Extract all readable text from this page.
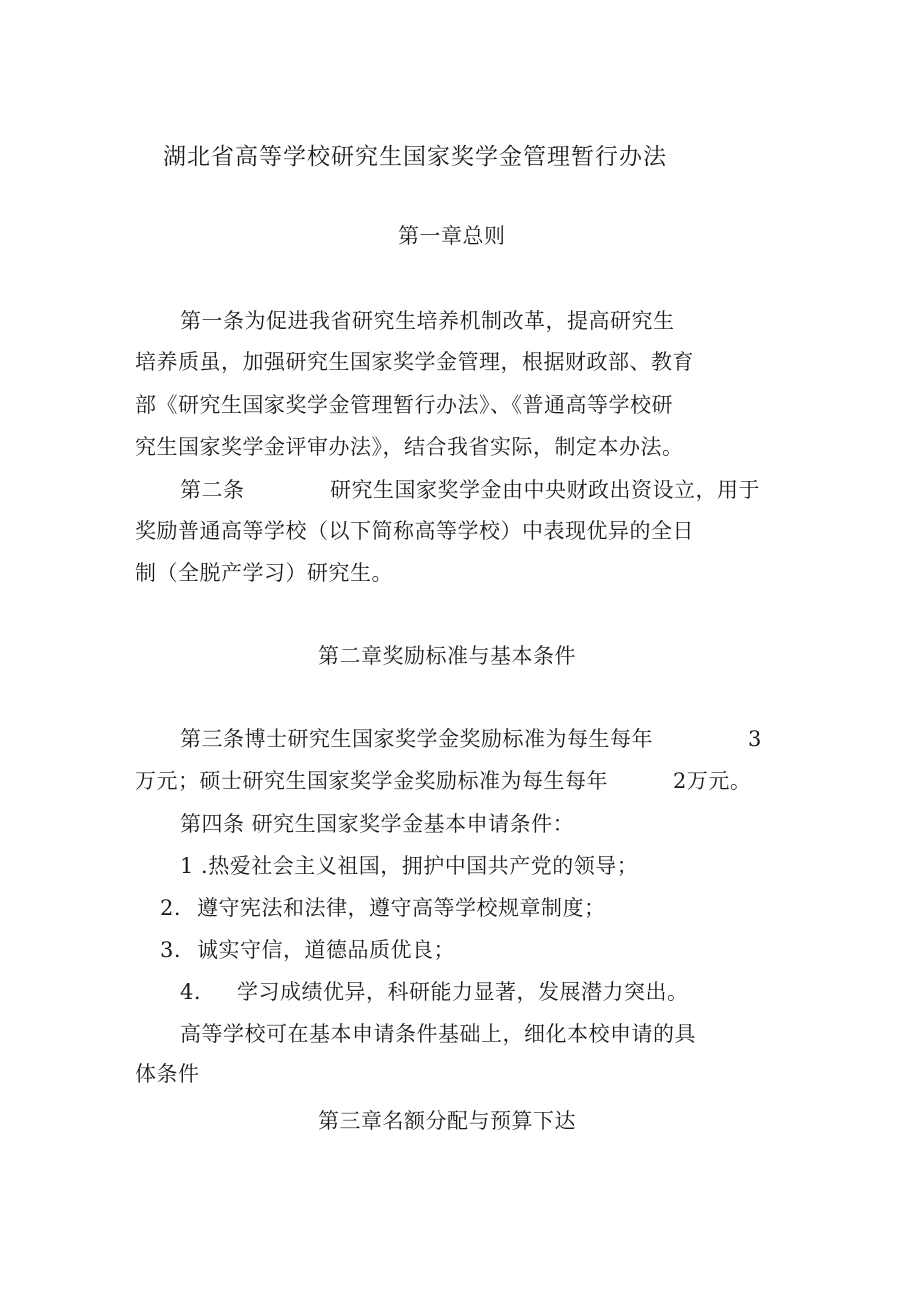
湖北省高等学校研究生国家奖学金管理暂行办法
第一章总则
第一条为促进我省研究生培养机制改革，提高研究生
培养质虽，加强研究生国家奖学金管理，根据财政部、教育
部《研究生国家奖学金管理暂行办法》、《普通高等学校研
究生国家奖学金评审办法》，结合我省实际，制定本办法。
第二条	研究生国家奖学金由中央财政出资设立，用于
奖励普通高等学校（以下简称高等学校）中表现优异的全日
制（全脱产学习）研究生。
第二章奖励标准与基本条件
第三条博士研究生国家奖学金奖励标准为每生每年	3
万元；硕士研究生国家奖学金奖励标准为每生每年	2万元。
第四条 研究生国家奖学金基本申请条件：
1 .热爱社会主义祖国，拥护中国共产党的领导；
2. 遵守宪法和法律，遵守高等学校规章制度；
3. 诚实守信，道德品质优良；
4. 学习成绩优异，科研能力显著，发展潜力突出。
高等学校可在基本申请条件基础上，细化本校申请的具
体条件
第三章名额分配与预算下达
